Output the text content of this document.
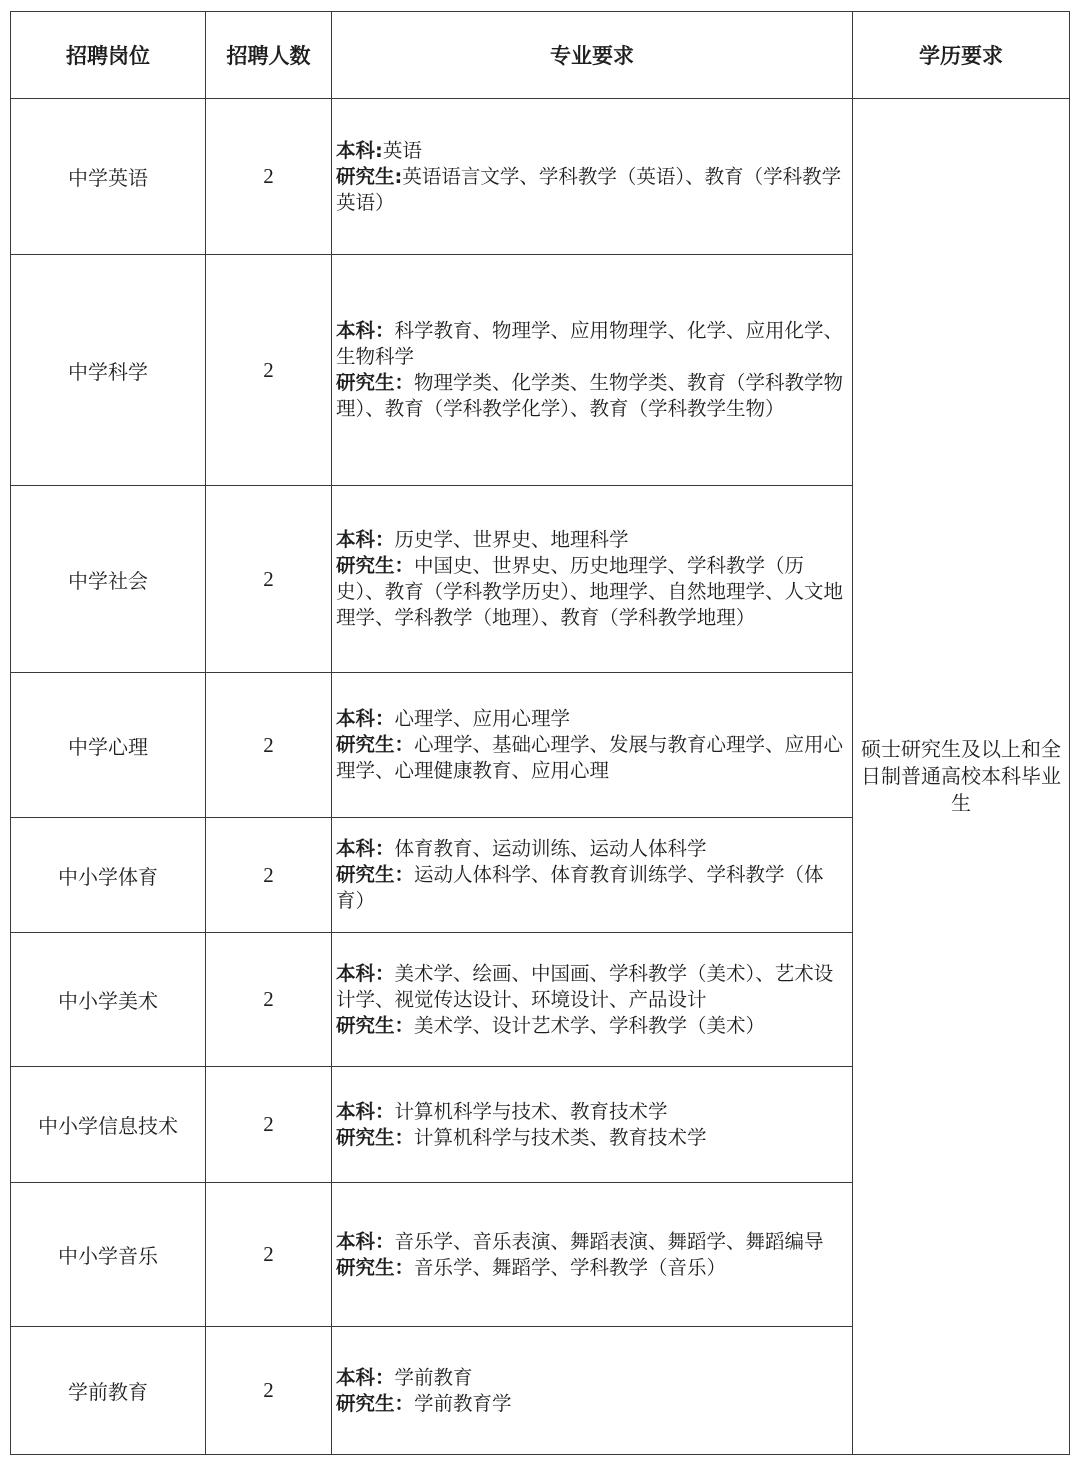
招聘岗位	招聘人数	专业要求	学历要求
中学英语	2	本科:英语
研究生:英语语言文学、学科教学（英语）、教育（学科教学英语）	硕士研究生及以上和全日制普通高校本科毕业生
中学科学	2	本科：科学教育、物理学、应用物理学、化学、应用化学、生物科学
研究生：物理学类、化学类、生物学类、教育（学科教学物理）、教育（学科教学化学）、教育（学科教学生物）	

中学社会	2	本科：历史学、世界史、地理科学
研究生：中国史、世界史、历史地理学、学科教学（历史）、教育（学科教学历史）、地理学、自然地理学、人文地理学、学科教学（地理）、教育（学科教学地理）	

中学心理	2	本科：心理学、应用心理学
研究生：心理学、基础心理学、发展与教育心理学、应用心理学、心理健康教育、应用心理	

中小学体育	2	本科：体育教育、运动训练、运动人体科学
研究生：运动人体科学、体育教育训练学、学科教学（体育）	

中小学美术	2	本科：美术学、绘画、中国画、学科教学（美术）、艺术设计学、视觉传达设计、环境设计、产品设计
研究生：美术学、设计艺术学、学科教学（美术）	

中小学信息技术	2	本科：计算机科学与技术、教育技术学
研究生：计算机科学与技术类、教育技术学	

中小学音乐	2	本科：音乐学、音乐表演、舞蹈表演、舞蹈学、舞蹈编导
研究生：音乐学、舞蹈学、学科教学（音乐）	

学前教育	2	本科：学前教育
研究生：学前教育学	
